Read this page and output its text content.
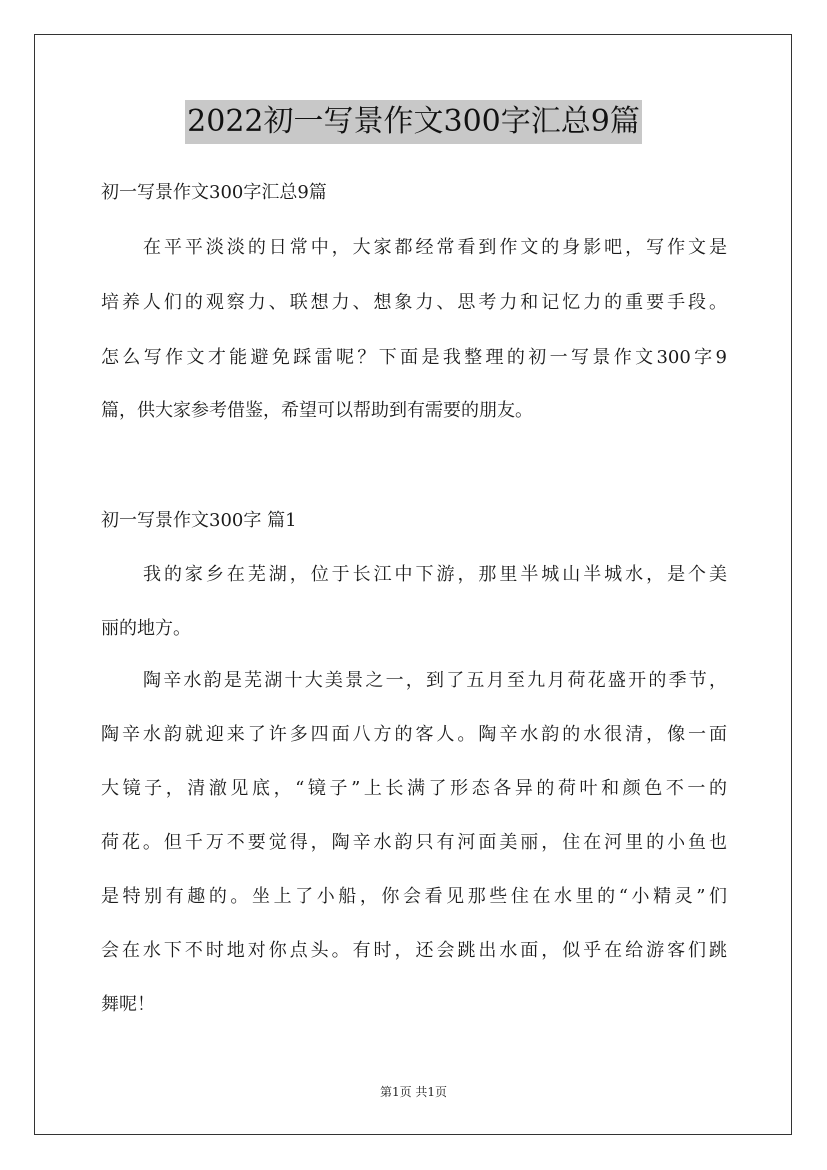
2022初一写景作文300字汇总9篇
初一写景作文300字汇总9篇
在平平淡淡的日常中，大家都经常看到作文的身影吧，写作文是
培养人们的观察力、联想力、想象力、思考力和记忆力的重要手段。
怎么写作文才能避免踩雷呢？下面是我整理的初一写景作文300字9
篇，供大家参考借鉴，希望可以帮助到有需要的朋友。
初一写景作文300字 篇1
我的家乡在芜湖，位于长江中下游，那里半城山半城水，是个美
丽的地方。
陶辛水韵是芜湖十大美景之一，到了五月至九月荷花盛开的季节，
陶辛水韵就迎来了许多四面八方的客人。陶辛水韵的水很清，像一面
大镜子，清澈见底，“镜子”上长满了形态各异的荷叶和颜色不一的
荷花。但千万不要觉得，陶辛水韵只有河面美丽，住在河里的小鱼也
是特别有趣的。坐上了小船，你会看见那些住在水里的“小精灵”们
会在水下不时地对你点头。有时，还会跳出水面，似乎在给游客们跳
舞呢！
第1页 共1页
